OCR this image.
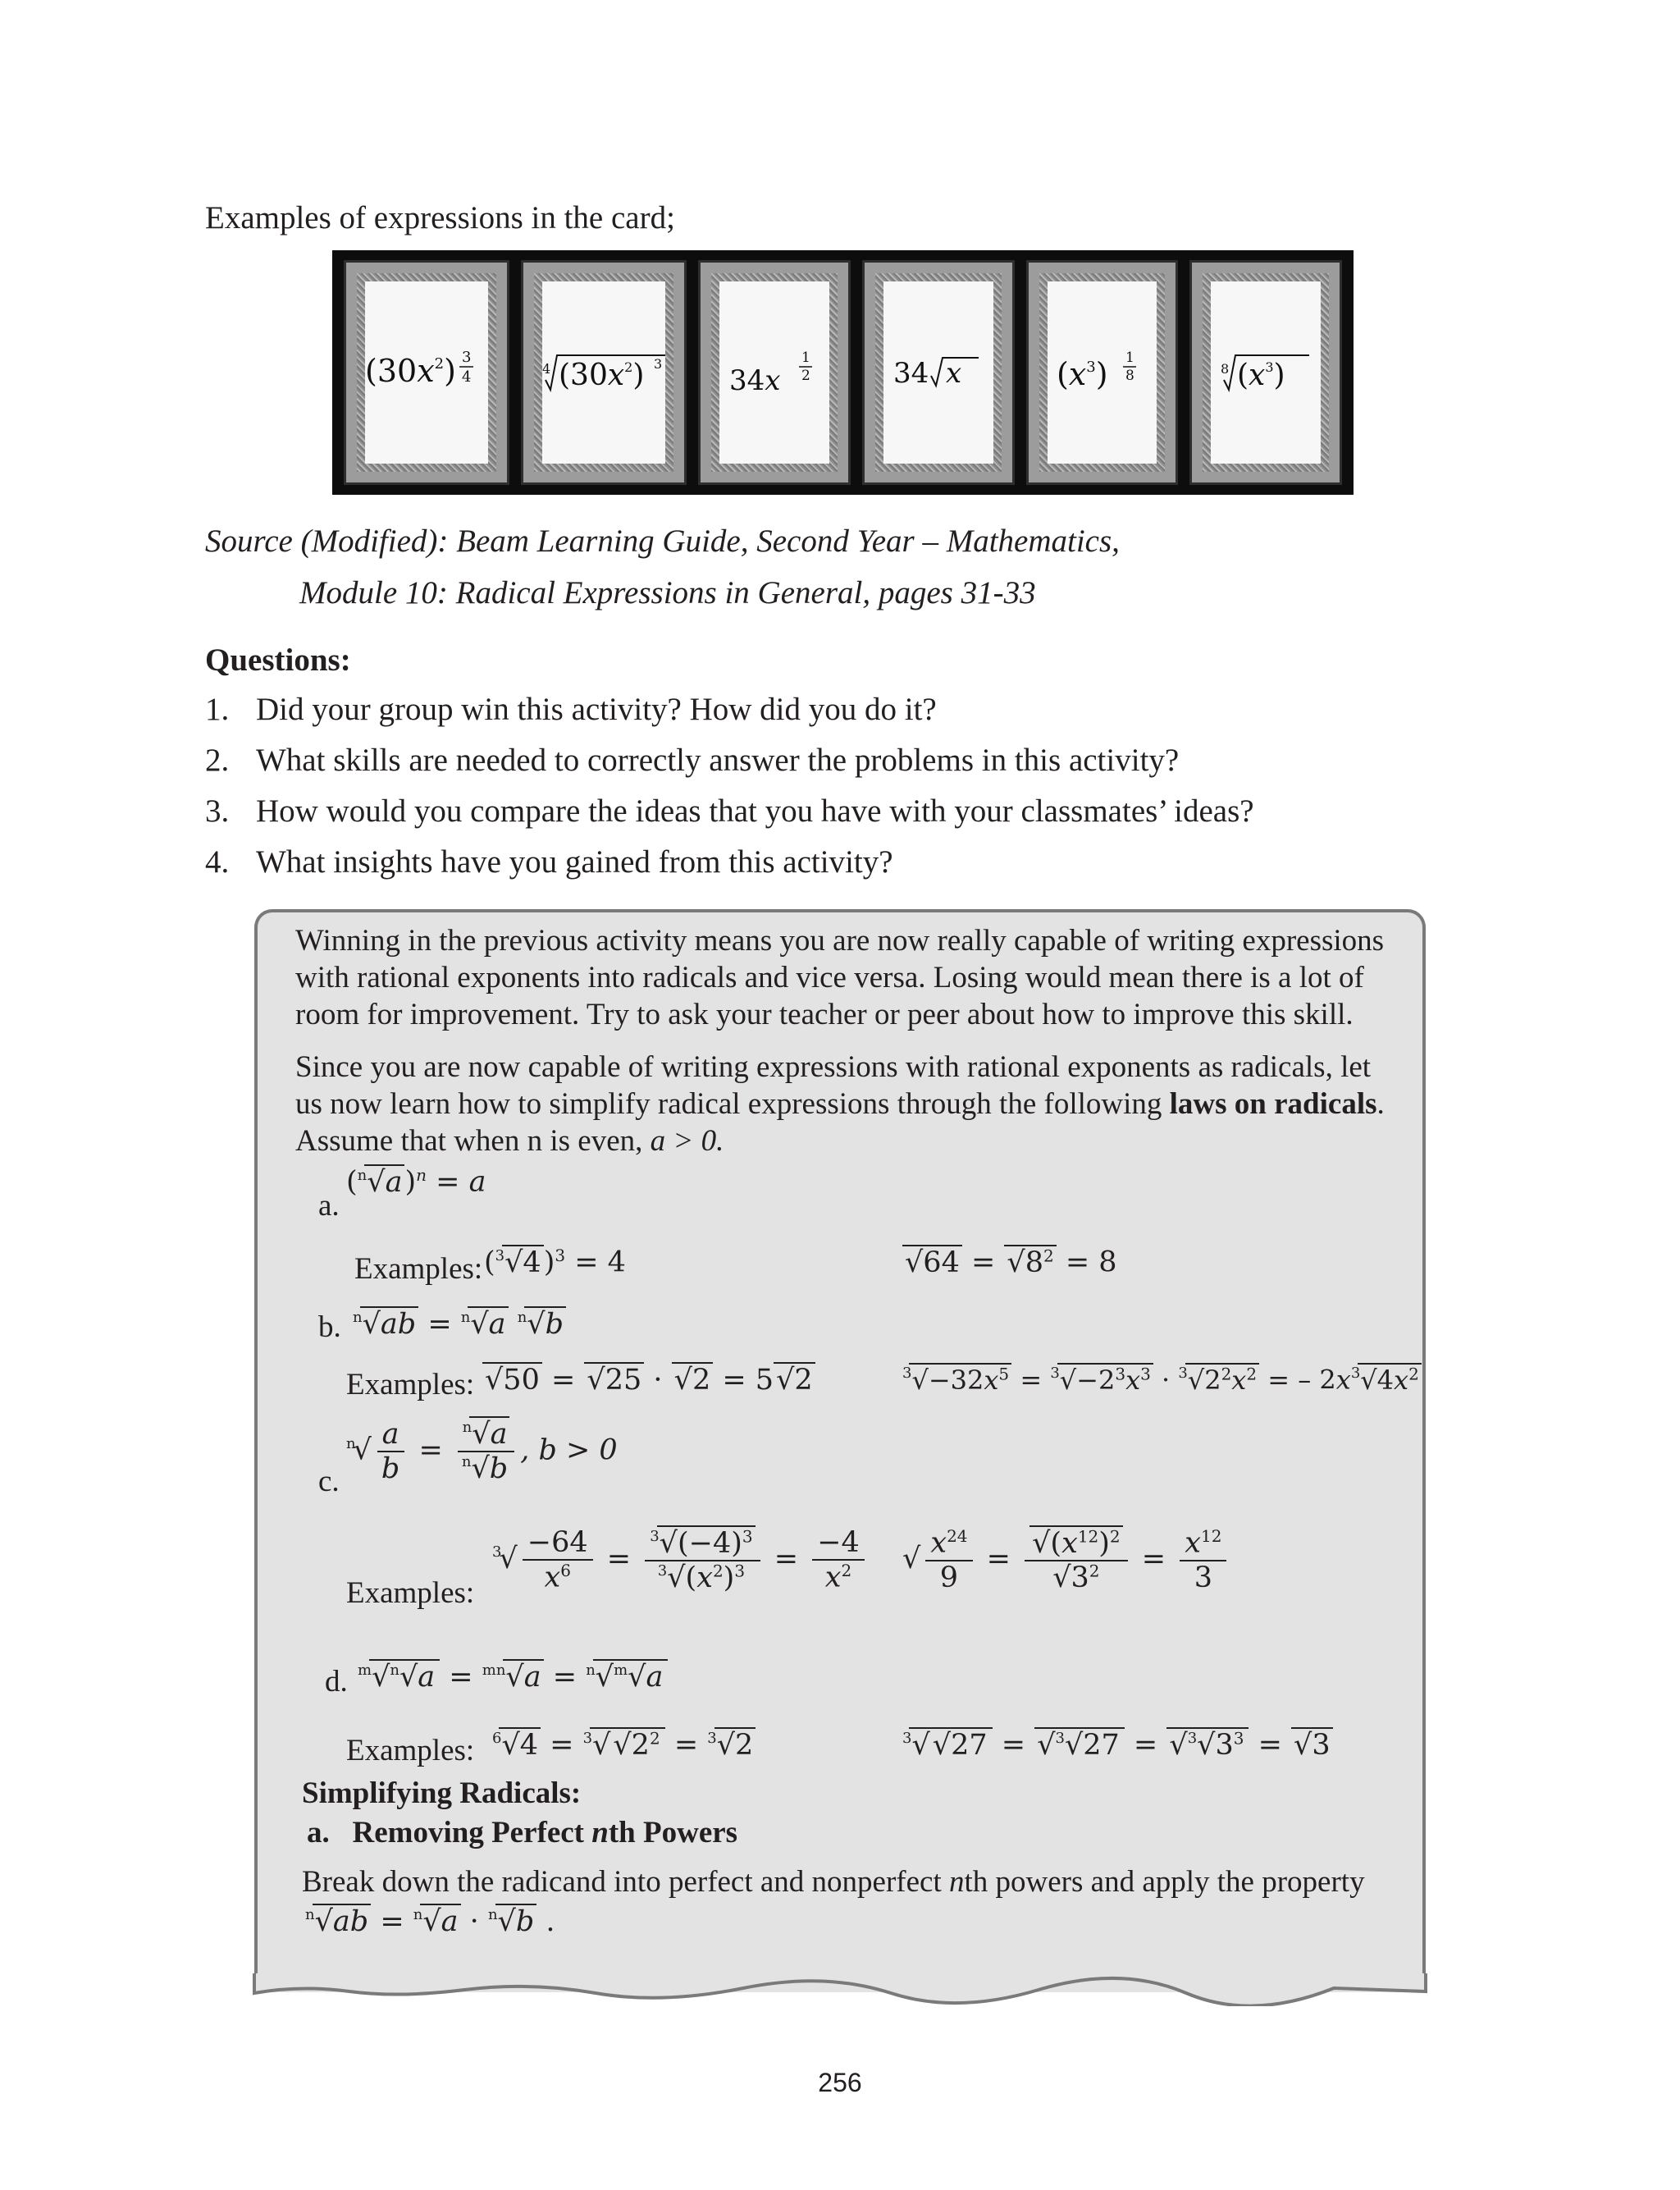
Examples of expressions in the card;
$(30x^2)$ 3
4	4 $(30x^2)$ 3
34x
1
2	34 x	$(x^3)$ 1
8	8 $(x^3)$
Source (Modified): Beam Learning Guide, Second Year – Mathematics,
Module 10: Radical Expressions in General, pages 31-33
Questions:
1. Did your group win this activity? How did you do it?
2. What skills are needed to correctly answer the problems in this activity?
3. How would you compare the ideas that you have with your classmates’ ideas?
4. What insights have you gained from this activity?
Winning in the previous activity means you are now really capable of writing expressions with rational exponents into radicals and vice versa. Losing would mean there is a lot of room for improvement. Try to ask your teacher or peer about how to improve this skill.
Since you are now capable of writing expressions with rational exponents as radicals, let us now learn how to simplify radical expressions through the following laws on radicals. Assume that when n is even, a > 0.
a.
$(^n√a)^n = a$
Examples: $(^3√4)^3 = 4$	$√64 = √8^2 = 8$
b. $^n$√ab = $^n$√a $^n$√b
Examples: √50 = √25 · √2 = 5√2	$^3√-32x^5 = ^3√-2^3x^3 \cdot ^3√2^2x^2$ = – $2x^3√4x^2$
c.
$^n√ \frac{a}{b} = \frac{^n√a}{^n√b}$ , b > 0
Examples:
$^3√ \frac{-64}{x^6} = \frac{^3√(-4)^3}{^3√(x^2)^3} = \frac{-4}{x^2}$ √ $\frac{x^{24}}{9} = \frac{√(x^{12})^2}{√3^2} = \frac{x^{12}}{3}$
d. $^m$√$^n$√a = $^{mn}$√a = $^n$√$^m$√a
Examples: $^6√4 = ^3√√2^2 = ^3√2$	$^3√√27 = √^3√27 = √^3√3^3 = √3$
Simplifying Radicals:
a. Removing Perfect nth Powers
Break down the radicand into perfect and nonperfect nth powers and apply the property
$^n$√ab = $^n$√a · $^n$√b .
256
